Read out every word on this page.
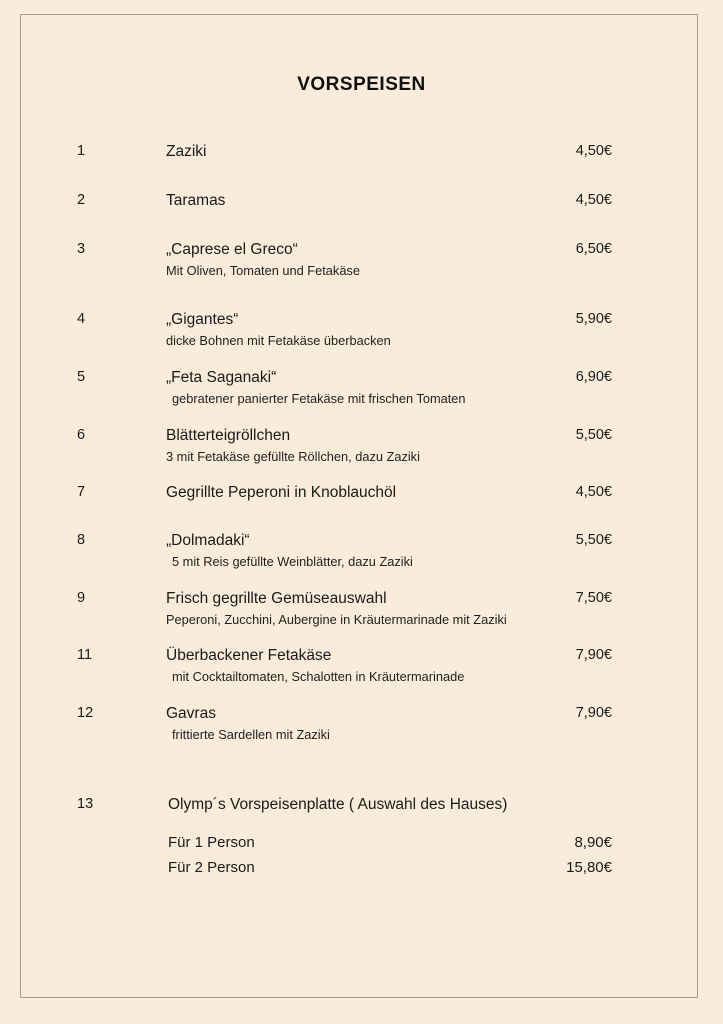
VORSPEISEN
1	Zaziki	4,50€
2	Taramas	4,50€
3	„Caprese el Greco“	6,50€
Mit Oliven, Tomaten und Fetakäse
4	„Gigantes“	5,90€
dicke Bohnen mit Fetakäse überbacken
5	„Feta Saganaki“	6,90€
gebratener panierter Fetakäse mit frischen Tomaten
6	Blätterteigröllchen	5,50€
3 mit Fetakäse gefüllte Röllchen, dazu Zaziki
7	Gegrillte Peperoni in Knoblauchöl	4,50€
8	„Dolmadaki“	5,50€
5 mit Reis gefüllte Weinblätter, dazu Zaziki
9	Frisch gegrillte Gemüseauswahl	7,50€
Peperoni, Zucchini, Aubergine in Kräutermarinade mit Zaziki
11	Überbackener Fetakäse	7,90€
mit Cocktailtomaten, Schalotten in Kräutermarinade
12	Gavras	7,90€
frittierte Sardellen mit Zaziki
13	Olymp´s Vorspeisenplatte ( Auswahl des Hauses)
Für 1 Person	8,90€
Für 2 Person	15,80€
